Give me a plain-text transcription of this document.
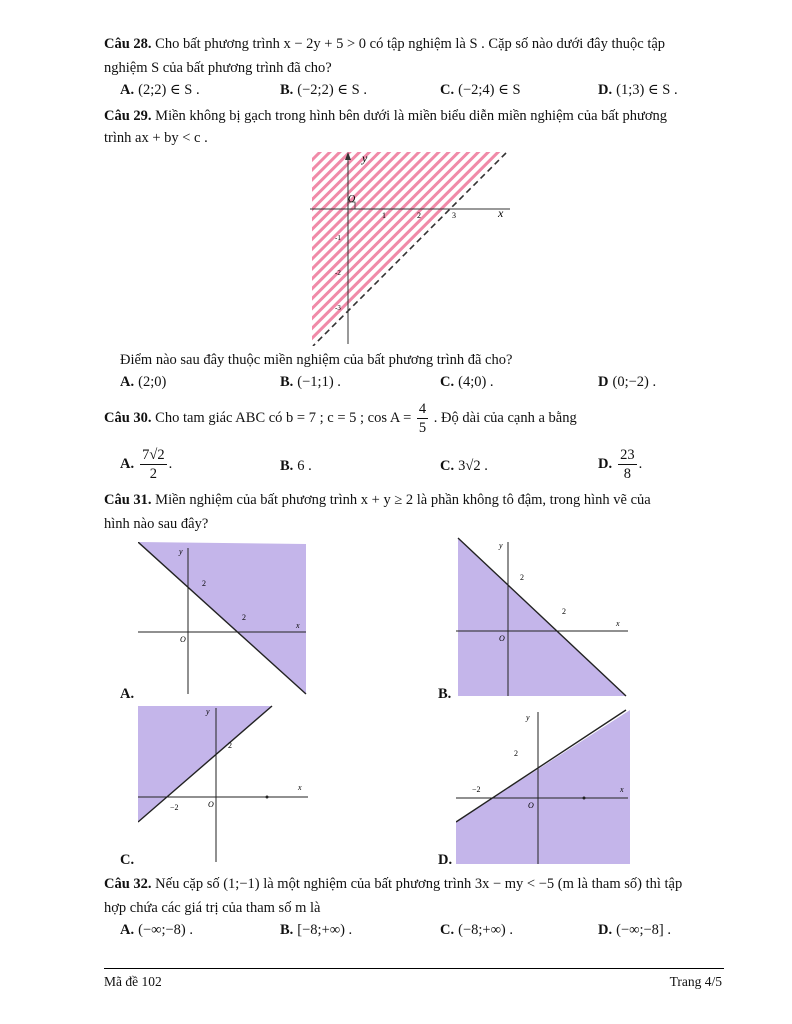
Câu 28. Cho bất phương trình x − 2y + 5 > 0 có tập nghiệm là S . Cặp số nào dưới đây thuộc tập
nghiệm S của bất phương trình đã cho?
A. (2;2) ∈ S .	B. (−2;2) ∈ S .	C. (−2;4) ∈ S	D. (1;3) ∈ S .
Câu 29. Miền không bị gạch trong hình bên dưới là miền biểu diễn miền nghiệm của bất phương
trình ax + by < c .
y
x
O
1	2	3
-1
-2
-3
Điểm nào sau đây thuộc miền nghiệm của bất phương trình đã cho?
A. (2;0)	B. (−1;1) .	C. (4;0) .	D (0;−2) .
Câu 30. Cho tam giác ABC có b = 7 ; c = 5 ; $\cos A = \frac{4}{5}$ . Độ dài của cạnh a bằng
A. $\frac{7√2}{2}$ .	B. 6 .	C. 3√2 .	D. $\frac{23}{8}$ .
Câu 31. Miền nghiệm của bất phương trình x + y ≥ 2 là phần không tô đậm, trong hình vẽ của
hình nào sau đây?
y
x
O
2
2
A.
y
x
O
2
2
B.
y
x
O
2
−2
C.
y
x
O
2
−2
D.
Câu 32. Nếu cặp số (1;−1) là một nghiệm của bất phương trình 3x − my < −5 (m là tham số) thì tập
hợp chứa các giá trị của tham số m là
A. (−∞;−8) .	B. [−8;+∞) .	C. (−8;+∞) .	D. (−∞;−8] .
Mã đề 102	Trang 4/5
